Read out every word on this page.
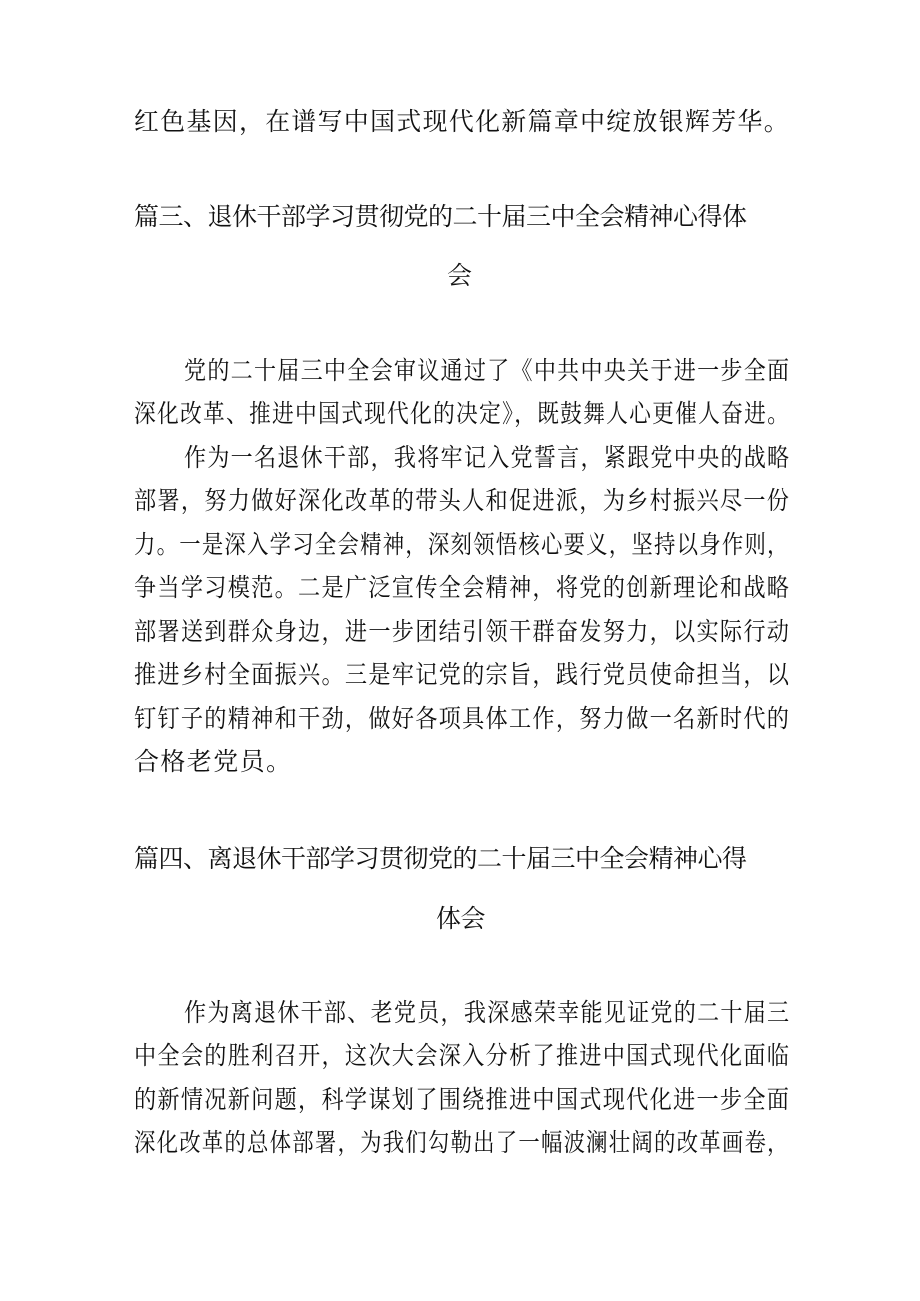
红色基因，在谱写中国式现代化新篇章中绽放银辉芳华。
篇三、退休干部学习贯彻党的二十届三中全会精神心得体
会
党的二十届三中全会审议通过了《中共中央关于进一步全面
深化改革、推进中国式现代化的决定》，既鼓舞人心更催人奋进。
作为一名退休干部，我将牢记入党誓言，紧跟党中央的战略
部署，努力做好深化改革的带头人和促进派，为乡村振兴尽一份
力。一是深入学习全会精神，深刻领悟核心要义，坚持以身作则，
争当学习模范。二是广泛宣传全会精神，将党的创新理论和战略
部署送到群众身边，进一步团结引领干群奋发努力，以实际行动
推进乡村全面振兴。三是牢记党的宗旨，践行党员使命担当，以
钉钉子的精神和干劲，做好各项具体工作，努力做一名新时代的
合格老党员。
篇四、离退休干部学习贯彻党的二十届三中全会精神心得
体会
作为离退休干部、老党员，我深感荣幸能见证党的二十届三
中全会的胜利召开，这次大会深入分析了推进中国式现代化面临
的新情况新问题，科学谋划了围绕推进中国式现代化进一步全面
深化改革的总体部署，为我们勾勒出了一幅波澜壮阔的改革画卷，
